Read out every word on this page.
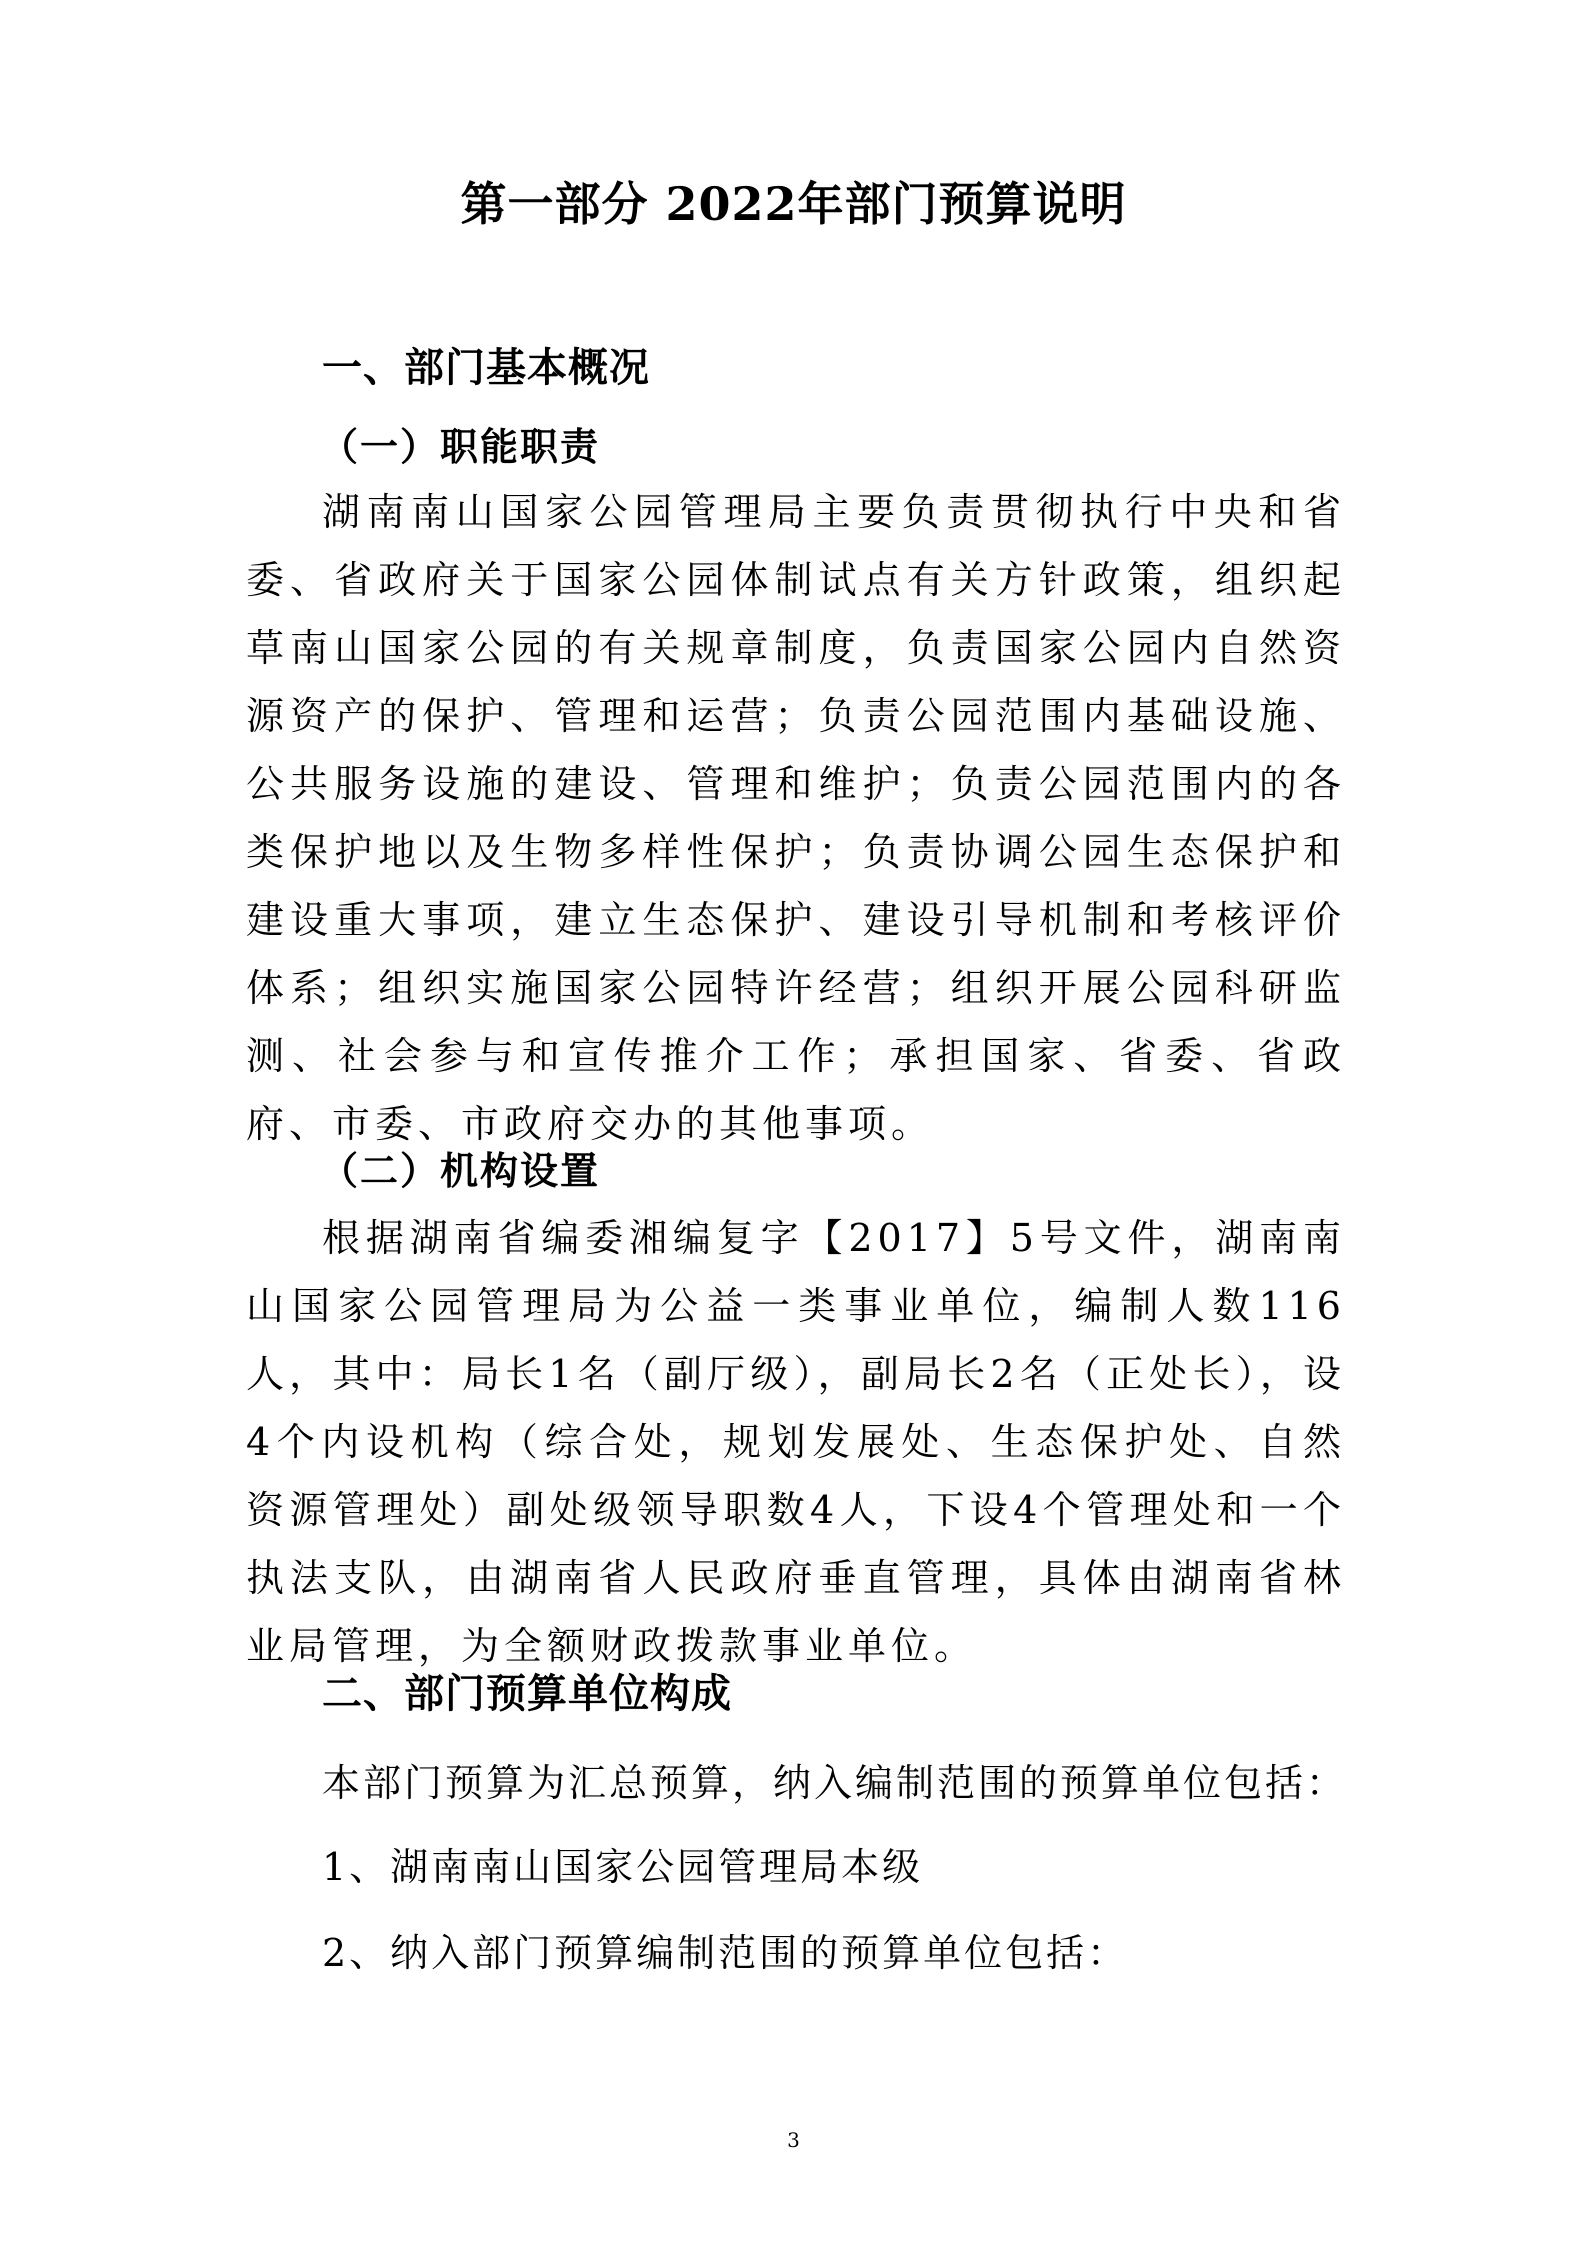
第一部分 2022年部门预算说明
一、部门基本概况
（一）职能职责

湖南南山国家公园管理局主要负责贯彻执行中央和省委、省政府关于国家公园体制试点有关方针政策，组织起草南山国家公园的有关规章制度，负责国家公园内自然资源资产的保护、管理和运营；负责公园范围内基础设施、公共服务设施的建设、管理和维护；负责公园范围内的各类保护地以及生物多样性保护；负责协调公园生态保护和建设重大事项，建立生态保护、建设引导机制和考核评价体系；组织实施国家公园特许经营；组织开展公园科研监测、社会参与和宣传推介工作；承担国家、省委、省政府、市委、市政府交办的其他事项。

（二）机构设置

根据湖南省编委湘编复字【2017】5号文件，湖南南山国家公园管理局为公益一类事业单位，编制人数116人，其中：局长1名（副厅级），副局长2名（正处长），设4个内设机构（综合处，规划发展处、生态保护处、自然资源管理处）副处级领导职数4人，下设4个管理处和一个执法支队，由湖南省人民政府垂直管理，具体由湖南省林业局管理，为全额财政拨款事业单位。

二、部门预算单位构成

本部门预算为汇总预算，纳入编制范围的预算单位包括：

1、湖南南山国家公园管理局本级

2、纳入部门预算编制范围的预算单位包括：

3
